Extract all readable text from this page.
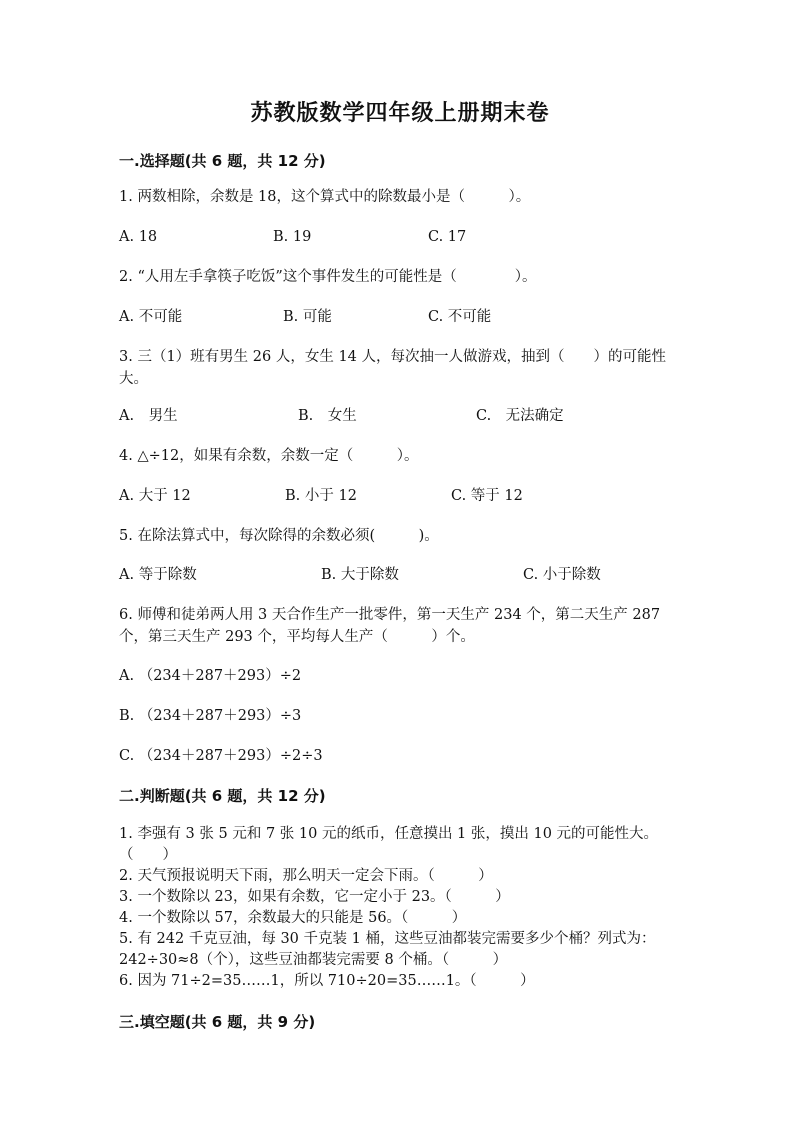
苏教版数学四年级上册期末卷
一.选择题(共 6 题，共 12 分)
1. 两数相除，余数是 18，这个算式中的除数最小是（　　　）。
A. 18	B. 19	C. 17
2. “人用左手拿筷子吃饭”这个事件发生的可能性是（　　　　）。
A. 不可能	B. 可能	C. 不可能
3. 三（1）班有男生 26 人，女生 14 人，每次抽一人做游戏，抽到（　　）的可能性大。
A.　男生	B.　女生	C.　无法确定
4. △÷12，如果有余数，余数一定（　　　）。
A. 大于 12	B. 小于 12	C. 等于 12
5. 在除法算式中，每次除得的余数必须(　　　)。
A. 等于除数	B. 大于除数	C. 小于除数
6. 师傅和徒弟两人用 3 天合作生产一批零件，第一天生产 234 个，第二天生产 287 个，第三天生产 293 个，平均每人生产（　　　）个。
A. （234＋287＋293）÷2
B. （234＋287＋293）÷3
C. （234＋287＋293）÷2÷3
二.判断题(共 6 题，共 12 分)
1. 李强有 3 张 5 元和 7 张 10 元的纸币，任意摸出 1 张，摸出 10 元的可能性大。　　　（　　）
2. 天气预报说明天下雨，那么明天一定会下雨。（　　　）
3. 一个数除以 23，如果有余数，它一定小于 23。（　　　）
4. 一个数除以 57，余数最大的只能是 56。（　　　）
5. 有 242 千克豆油，每 30 千克装 1 桶，这些豆油都装完需要多少个桶？列式为：242÷30≈8（个），这些豆油都装完需要 8 个桶。（　　　）
6. 因为 71÷2=35……1，所以 710÷20=35……1。（　　　）
三.填空题(共 6 题，共 9 分)
